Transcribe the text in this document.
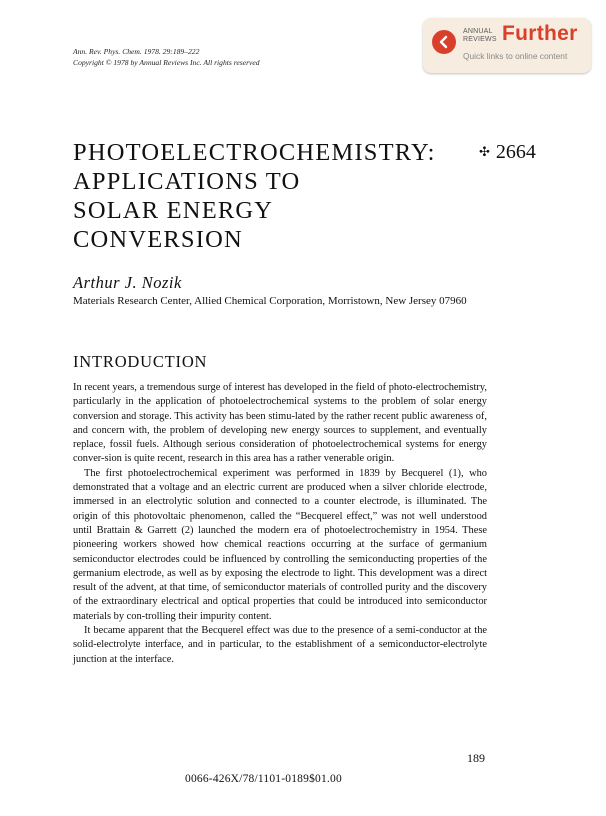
Ann. Rev. Phys. Chem. 1978. 29:189–222
Copyright © 1978 by Annual Reviews Inc. All rights reserved
ANNUAL
REVIEWS Further
Quick links to online content
PHOTOELECTROCHEMISTRY:
APPLICATIONS TO
SOLAR ENERGY
CONVERSION
✣ 2664
Arthur J. Nozik
Materials Research Center, Allied Chemical Corporation, Morristown, New Jersey 07960
INTRODUCTION

In recent years, a tremendous surge of interest has developed in the field of photo-electrochemistry, particularly in the application of photoelectrochemical systems to the problem of solar energy conversion and storage. This activity has been stimu-lated by the rather recent public awareness of, and concern with, the problem of developing new energy sources to supplement, and eventually replace, fossil fuels. Although serious consideration of photoelectrochemical systems for energy conver-sion is quite recent, research in this area has a rather venerable origin.

The first photoelectrochemical experiment was performed in 1839 by Becquerel (1), who demonstrated that a voltage and an electric current are produced when a silver chloride electrode, immersed in an electrolytic solution and connected to a counter electrode, is illuminated. The origin of this photovoltaic phenomenon, called the “Becquerel effect,” was not well understood until Brattain & Garrett (2) launched the modern era of photoelectrochemistry in 1954. These pioneering workers showed how chemical reactions occurring at the surface of germanium semiconductor electrodes could be influenced by controlling the semiconducting properties of the germanium electrode, as well as by exposing the electrode to light. This development was a direct result of the advent, at that time, of semiconductor materials of controlled purity and the discovery of the extraordinary electrical and optical properties that could be introduced into semiconductor materials by con-trolling their impurity content.

It became apparent that the Becquerel effect was due to the presence of a semi-conductor at the solid-electrolyte interface, and in particular, to the establishment of a semiconductor-electrolyte junction at the interface.

189
0066-426X/78/1101-0189$01.00
